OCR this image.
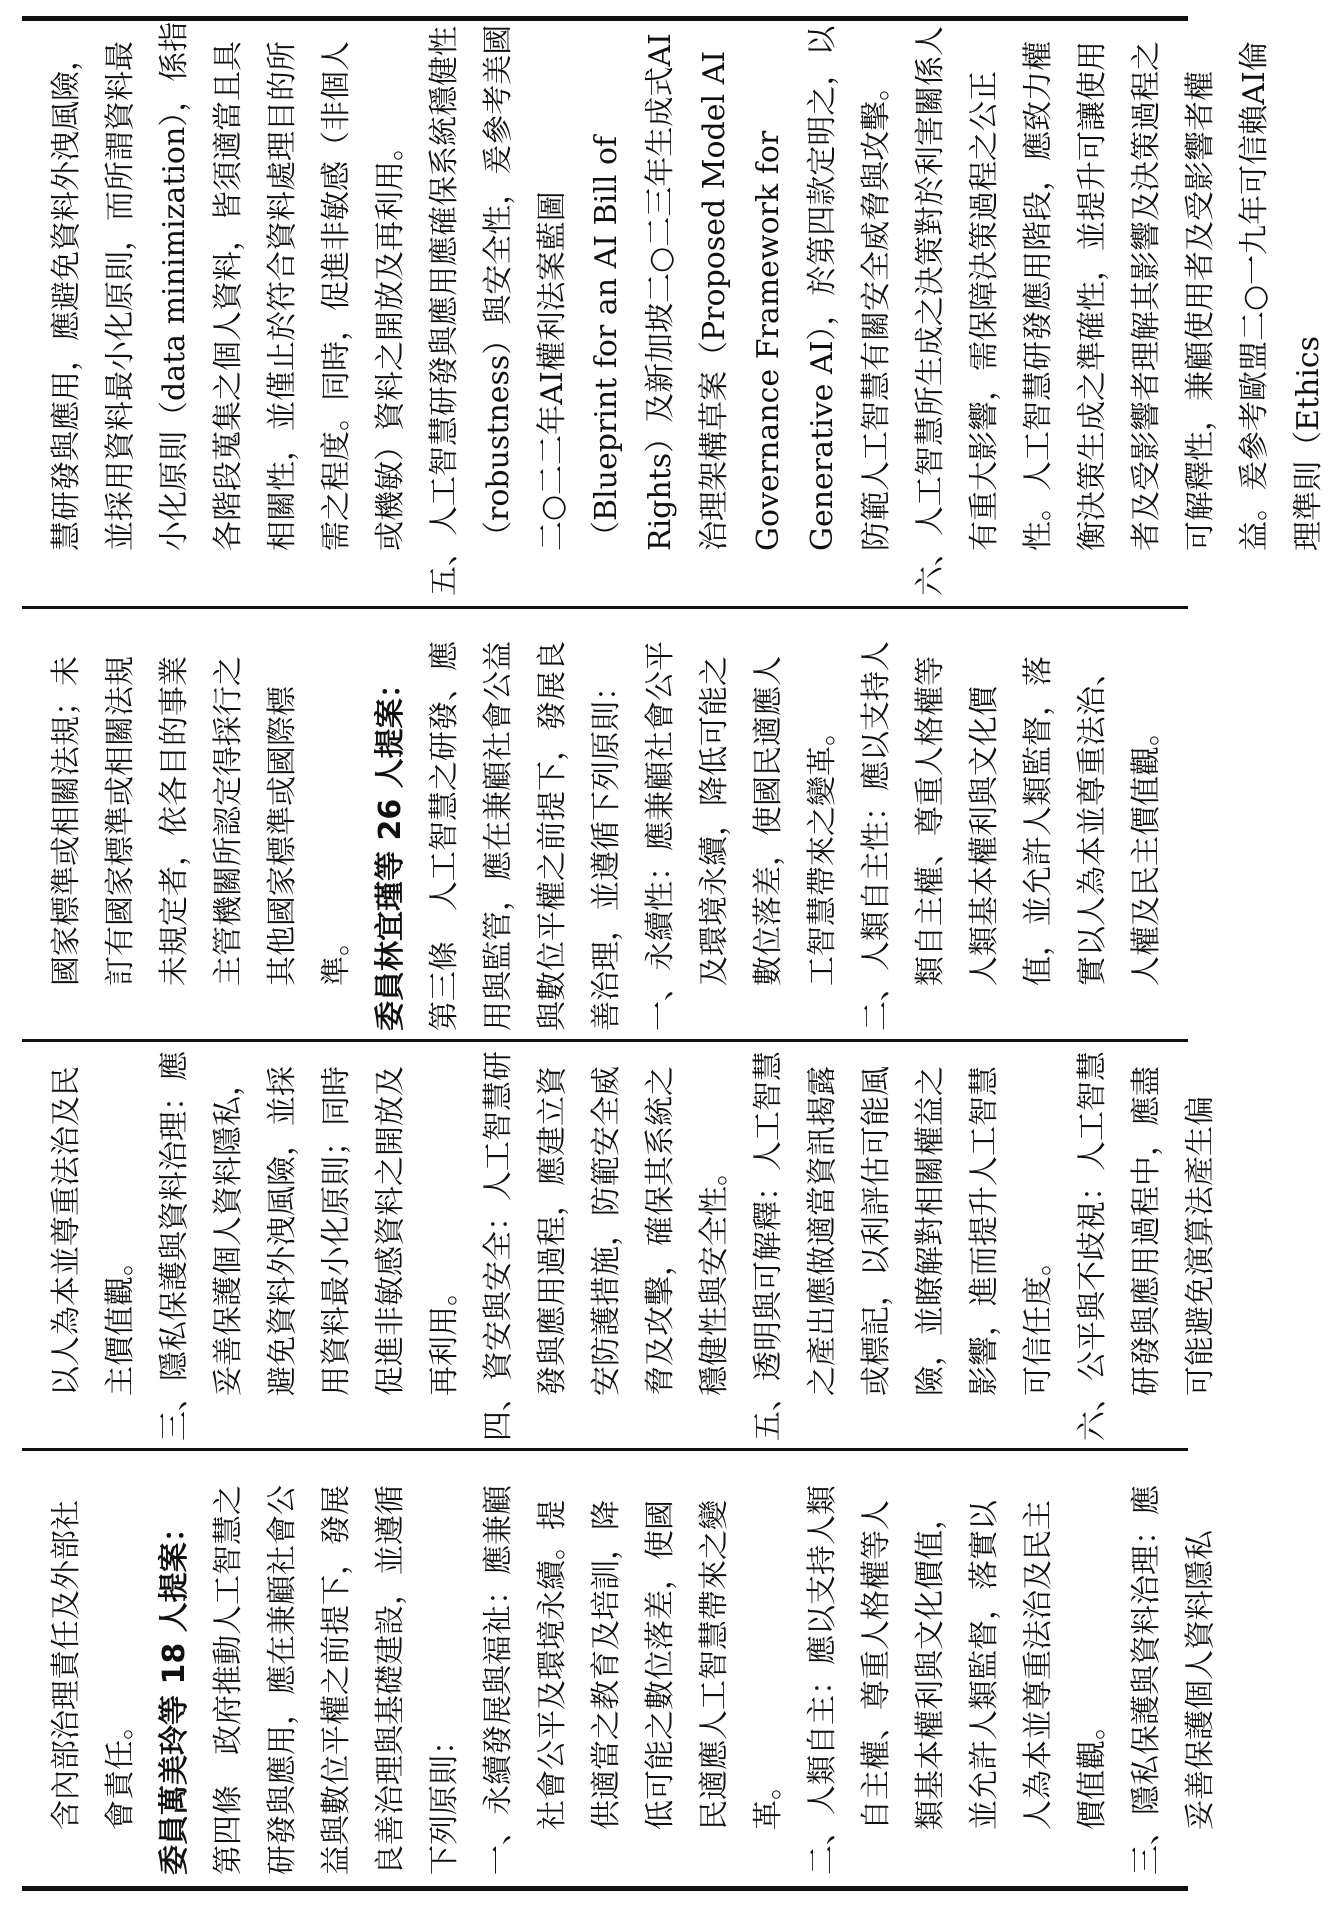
含內部治理責任及外部社會責任。 委員萬美玲等 18 人提案： 第四條　政府推動人工智慧之研發與應用，應在兼顧社會公益與數位平權之前提下，發展良善治理與基礎建設，並遵循下列原則： 一、永續發展與福祉：應兼顧社會公平及環境永續。提供適當之教育及培訓，降低可能之數位落差，使國民適應人工智慧帶來之變革。 二、人類自主：應以支持人類自主權、尊重人格權等人類基本權利與文化價值，並允許人類監督，落實以人為本並尊重法治及民主價值觀。 三、隱私保護與資料治理：應妥善保護個人資料隱私

以人為本並尊重法治及民主價值觀。 三、隱私保護與資料治理：應妥善保護個人資料隱私，避免資料外洩風險，並採用資料最小化原則；同時促進非敏感資料之開放及再利用。 四、資安與安全：人工智慧研發與應用過程，應建立資安防護措施，防範安全威脅及攻擊，確保其系統之穩健性與安全性。 五、透明與可解釋：人工智慧之產出應做適當資訊揭露或標記，以利評估可能風險，並瞭解對相關權益之影響，進而提升人工智慧可信任度。 六、公平與不歧視：人工智慧研發與應用過程中，應盡可能避免演算法產生偏

國家標準或相關法規；未訂有國家標準或相關法規未規定者，依各目的事業主管機關所認定得採行之其他國家標準或國際標準。 委員林宜瑾等 26 人提案： 第三條　人工智慧之研發、應用與監管，應在兼顧社會公益與數位平權之前提下，發展良善治理，並遵循下列原則： 一、永續性：應兼顧社會公平及環境永續，降低可能之數位落差，使國民適應人工智慧帶來之變革。 二、人類自主性：應以支持人類自主權、尊重人格權等人類基本權利與文化價值，並允許人類監督，落實以人為本並尊重法治、人權及民主價值觀。

慧研發與應用，應避免資料外洩風險，並採用資料最小化原則，而所謂資料最小化原則（data minimization），係指各階段蒐集之個人資料，皆須適當且具相關性，並僅止於符合資料處理目的所需之程度。同時，促進非敏感（非個人或機敏）資料之開放及再利用。 五、人工智慧研發與應用應確保系統穩健性（robustness）與安全性，爰參考美國二○二二年AI權利法案藍圖（Blueprint for an AI Bill of Rights）及新加坡二○二三年生成式AI治理架構草案（Proposed Model AI Governance Framework for Generative AI），於第四款定明之，以防範人工智慧有關安全威脅與攻擊。 六、人工智慧所生成之決策對於利害關係人有重大影響，需保障決策過程之公正性。人工智慧研發應用階段，應致力權衡決策生成之準確性，並提升可讓使用者及受影響者理解其影響及決策過程之可解釋性，兼顧使用者及受影響者權益。爰參考歐盟二○一九年可信賴AI倫理準則（Ethics
